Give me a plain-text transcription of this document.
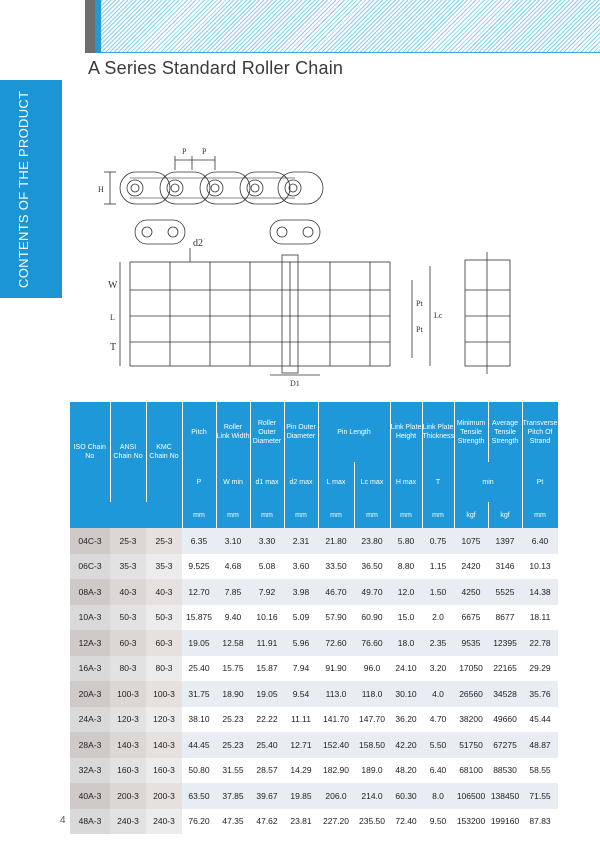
A Series Standard Roller Chain
CONTENTS OF THE PRODUCT	P P
H
d2
W
L
T
Pt
Pt
Lc
D1
ISO Chain No	ANSI Chain No	KMC Chain No	Pitch	Roller Link Width	Roller Outer Diameter	Pin Outer Diameter	Pin Length		Link Plate Height	Link Plate Thickness	Minimum Tensile Strength	Average Tensile Strength	Transverse Pitch Of Strand
			P	W min	d1 max	d2 max	L max	Lc max	H max	T	min		Pt
			mm	mm	mm	mm	mm	mm	mm	mm	kgf	kgf	mm
04C-3	25-3	25-3	6.35	3.10	3.30	2.31	21.80	23.80	5.80	0.75	1075	1397	6.40
06C-3	35-3	35-3	9.525	4.68	5.08	3.60	33.50	36.50	8.80	1.15	2420	3146	10.13
08A-3	40-3	40-3	12.70	7.85	7.92	3.98	46.70	49.70	12.0	1.50	4250	5525	14.38
10A-3	50-3	50-3	15.875	9.40	10.16	5.09	57.90	60.90	15.0	2.0	6675	8677	18.11
12A-3	60-3	60-3	19.05	12.58	11.91	5.96	72.60	76.60	18.0	2.35	9535	12395	22.78
16A-3	80-3	80-3	25.40	15.75	15.87	7.94	91.90	96.0	24.10	3.20	17050	22165	29.29
20A-3	100-3	100-3	31.75	18.90	19.05	9.54	113.0	118.0	30.10	4.0	26560	34528	35.76
24A-3	120-3	120-3	38.10	25.23	22.22	11.11	141.70	147.70	36.20	4.70	38200	49660	45.44
28A-3	140-3	140-3	44.45	25.23	25.40	12.71	152.40	158.50	42.20	5.50	51750	67275	48.87
32A-3	160-3	160-3	50.80	31.55	28.57	14.29	182.90	189.0	48.20	6.40	68100	88530	58.55
40A-3	200-3	200-3	63.50	37.85	39.67	19.85	206.0	214.0	60.30	8.0	106500	138450	71.55
48A-3	240-3	240-3	76.20	47.35	47.62	23.81	227.20	235.50	72.40	9.50	153200	199160	87.83
4
